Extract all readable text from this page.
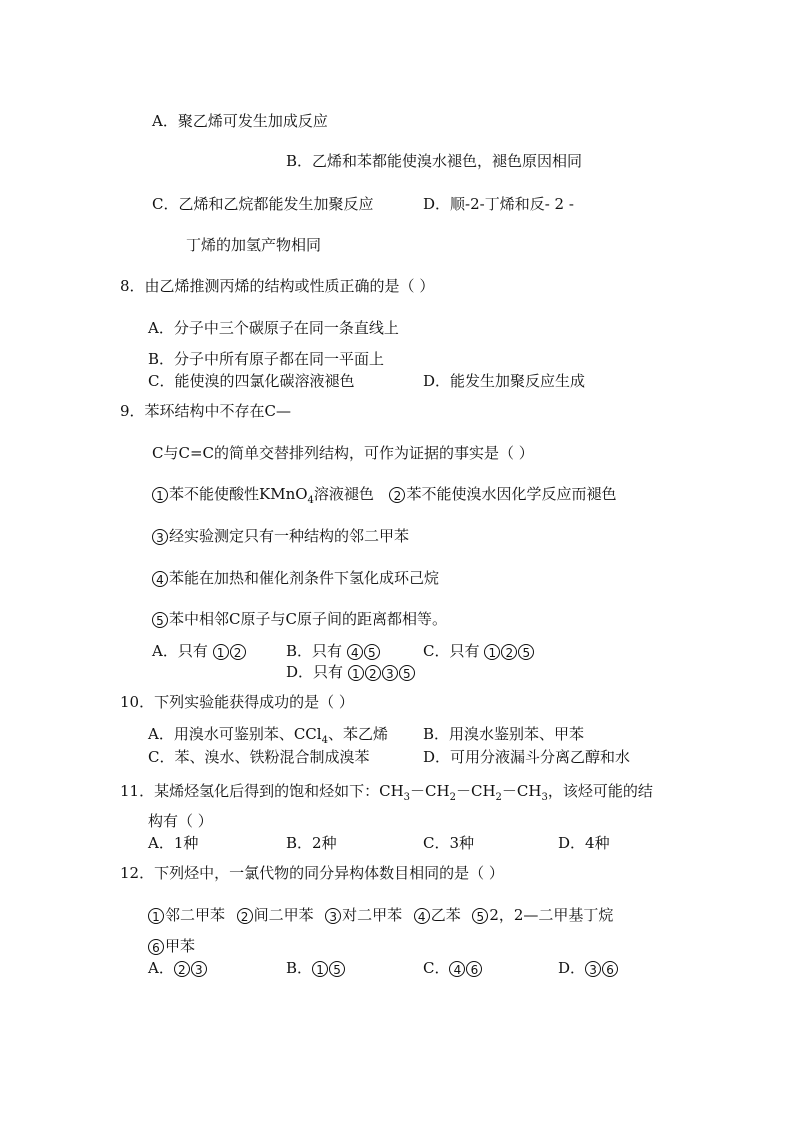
A．聚乙烯可发生加成反应
B．乙烯和苯都能使溴水褪色，褪色原因相同
C．乙烯和乙烷都能发生加聚反应	D．顺-2-丁烯和反- 2 -
丁烯的加氢产物相同
8．由乙烯推测丙烯的结构或性质正确的是（ ）
A．分子中三个碳原子在同一条直线上
B．分子中所有原子都在同一平面上
C．能使溴的四氯化碳溶液褪色	D．能发生加聚反应生成
9．苯环结构中不存在C—
C与C=C的简单交替排列结构，可作为证据的事实是（ ）
1 苯不能使酸性KMnO$_4$溶液褪色 2 苯不能使溴水因化学反应而褪色
3 经实验测定只有一种结构的邻二甲苯
4 苯能在加热和催化剂条件下氢化成环己烷
5 苯中相邻C原子与C原子间的距离都相等。
A．只有 1 2	B．只有 4 5	C．只有 1 2 5
D．只有 1 2 3 5
10．下列实验能获得成功的是（ ）
A．用溴水可鉴别苯、CCl$_4$、苯乙烯 B．用溴水鉴别苯、甲苯
C．苯、溴水、铁粉混合制成溴苯	D．可用分液漏斗分离乙醇和水
11．某烯烃氢化后得到的饱和烃如下：$CH_3-CH_2-CH_2-CH_3$，该烃可能的结
构有（ ）
A．1种	B．2种	C．3种	D．4种
12．下列烃中，一氯代物的同分异构体数目相同的是（ ）
1 邻二甲苯 2 间二甲苯 3 对二甲苯 4 乙苯 5 2，2—二甲基丁烷
6 甲苯
A． 2 3	B． 1 5	C． 4 6	D． 3 6
